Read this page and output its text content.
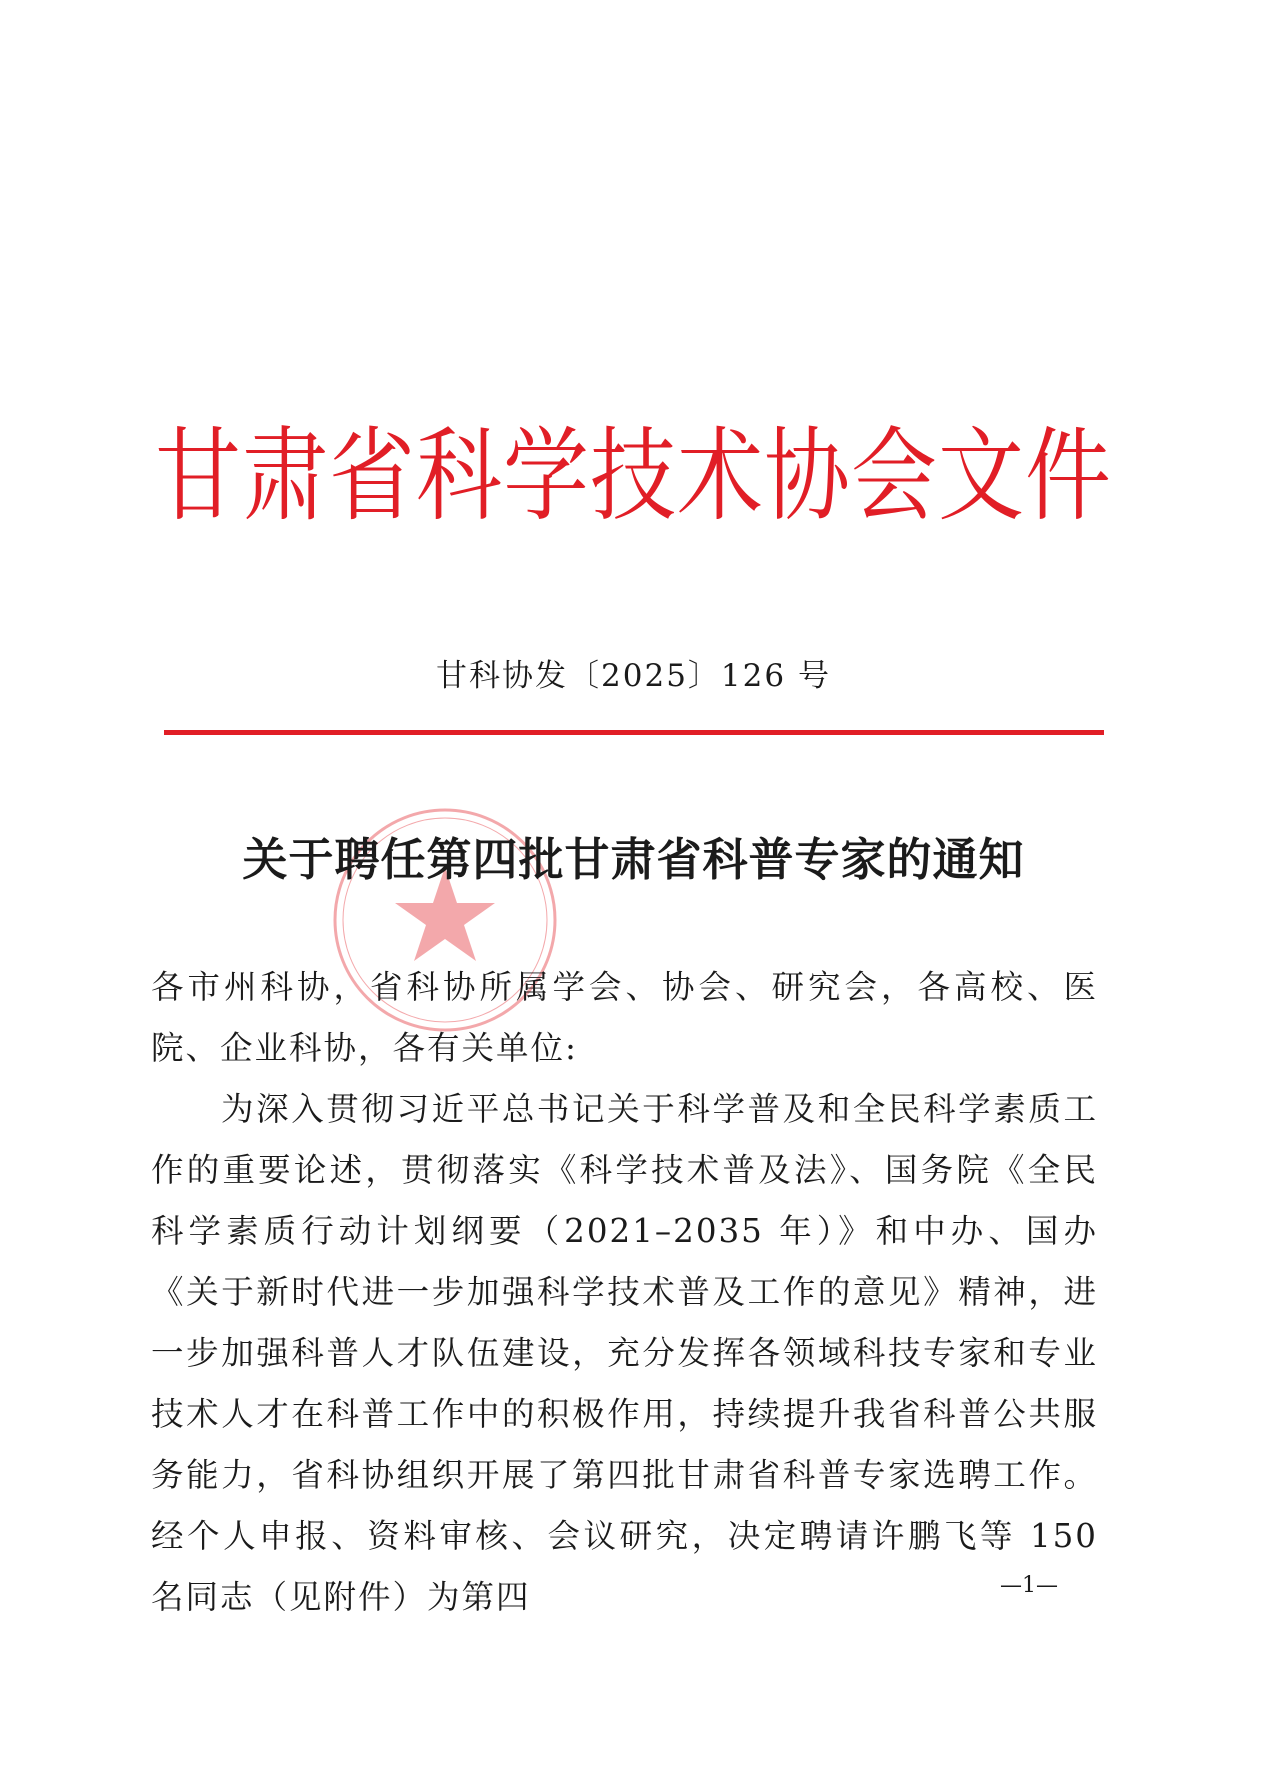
甘肃省科学技术协会文件
甘科协发〔2025〕126 号
关于聘任第四批甘肃省科普专家的通知

各市州科协，省科协所属学会、协会、研究会，各高校、医院、企业科协，各有关单位:

为深入贯彻习近平总书记关于科学普及和全民科学素质工作的重要论述，贯彻落实《科学技术普及法》、国务院《全民科学素质行动计划纲要（2021–2035 年）》和中办、国办《关于新时代进一步加强科学技术普及工作的意见》精神，进一步加强科普人才队伍建设，充分发挥各领域科技专家和专业技术人才在科普工作中的积极作用，持续提升我省科普公共服务能力，省科协组织开展了第四批甘肃省科普专家选聘工作。经个人申报、资料审核、会议研究，决定聘请许鹏飞等 150 名同志（见附件）为第四	—1—
